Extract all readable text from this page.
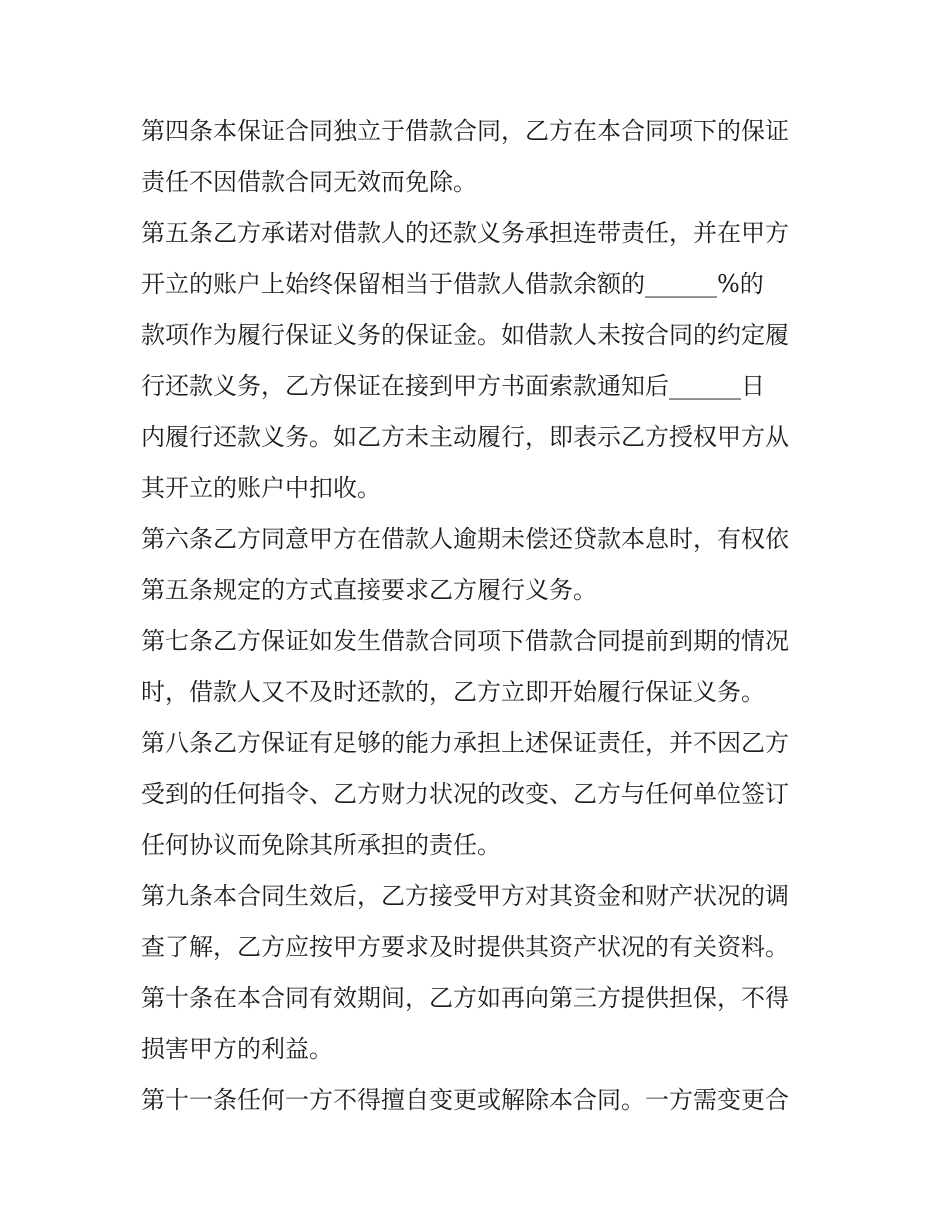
第四条本保证合同独立于借款合同，乙方在本合同项下的保证
责任不因借款合同无效而免除。
第五条乙方承诺对借款人的还款义务承担连带责任，并在甲方
开立的账户上始终保留相当于借款人借款余额的______%的
款项作为履行保证义务的保证金。如借款人未按合同的约定履
行还款义务，乙方保证在接到甲方书面索款通知后______日
内履行还款义务。如乙方未主动履行，即表示乙方授权甲方从
其开立的账户中扣收。
第六条乙方同意甲方在借款人逾期未偿还贷款本息时，有权依
第五条规定的方式直接要求乙方履行义务。
第七条乙方保证如发生借款合同项下借款合同提前到期的情况
时，借款人又不及时还款的，乙方立即开始履行保证义务。
第八条乙方保证有足够的能力承担上述保证责任，并不因乙方
受到的任何指令、乙方财力状况的改变、乙方与任何单位签订
任何协议而免除其所承担的责任。
第九条本合同生效后，乙方接受甲方对其资金和财产状况的调
查了解，乙方应按甲方要求及时提供其资产状况的有关资料。
第十条在本合同有效期间，乙方如再向第三方提供担保，不得
损害甲方的利益。
第十一条任何一方不得擅自变更或解除本合同。一方需变更合
